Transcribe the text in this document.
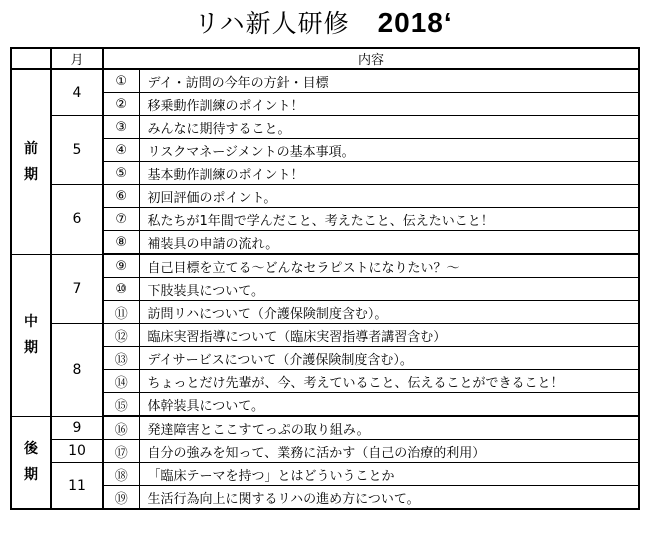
リハ新人研修 2018‘
	月	内容	
前期	4	①	デイ・訪問の今年の方針・目標
		②	移乗動作訓練のポイント！
	5	③	みんなに期待すること。
		④	リスクマネージメントの基本事項。
		⑤	基本動作訓練のポイント！
	6	⑥	初回評価のポイント。
		⑦	私たちが1年間で学んだこと、考えたこと、伝えたいこと！
		⑧	補装具の申請の流れ。
中期	7	⑨	自己目標を立てる～どんなセラピストになりたい？～
		⑩	下肢装具について。
		⑪	訪問リハについて（介護保険制度含む）。
	8	⑫	臨床実習指導について（臨床実習指導者講習含む）
		⑬	デイサービスについて（介護保険制度含む）。
		⑭	ちょっとだけ先輩が、今、考えていること、伝えることができること！
		⑮	体幹装具について。
後期	9	⑯	発達障害とここすてっぷの取り組み。
	10	⑰	自分の強みを知って、業務に活かす（自己の治療的利用）
	11	⑱	「臨床テーマを持つ」とはどういうことか
		⑲	生活行為向上に関するリハの進め方について。
